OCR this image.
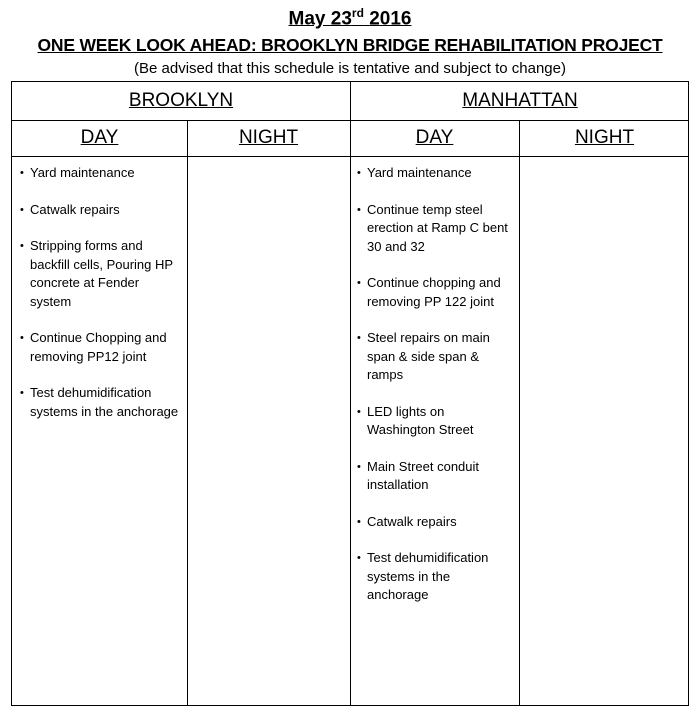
May 23rd 2016
ONE WEEK LOOK AHEAD: BROOKLYN BRIDGE REHABILITATION PROJECT
(Be advised that this schedule is tentative and subject to change)
BROOKLYN
DAY	NIGHT
• Yard maintenance
• Catwalk repairs
• Stripping forms and backfill cells, Pouring HP concrete at Fender system
• Continue Chopping and removing PP12 joint
• Test dehumidification systems in the anchorage
MANHATTAN
DAY	NIGHT
• Yard maintenance
• Continue temp steel erection at Ramp C bent 30 and 32
• Continue chopping and removing PP 122 joint
• Steel repairs on main span & side span & ramps
• LED lights on Washington Street
• Main Street conduit installation
• Catwalk repairs
• Test dehumidification systems in the anchorage
